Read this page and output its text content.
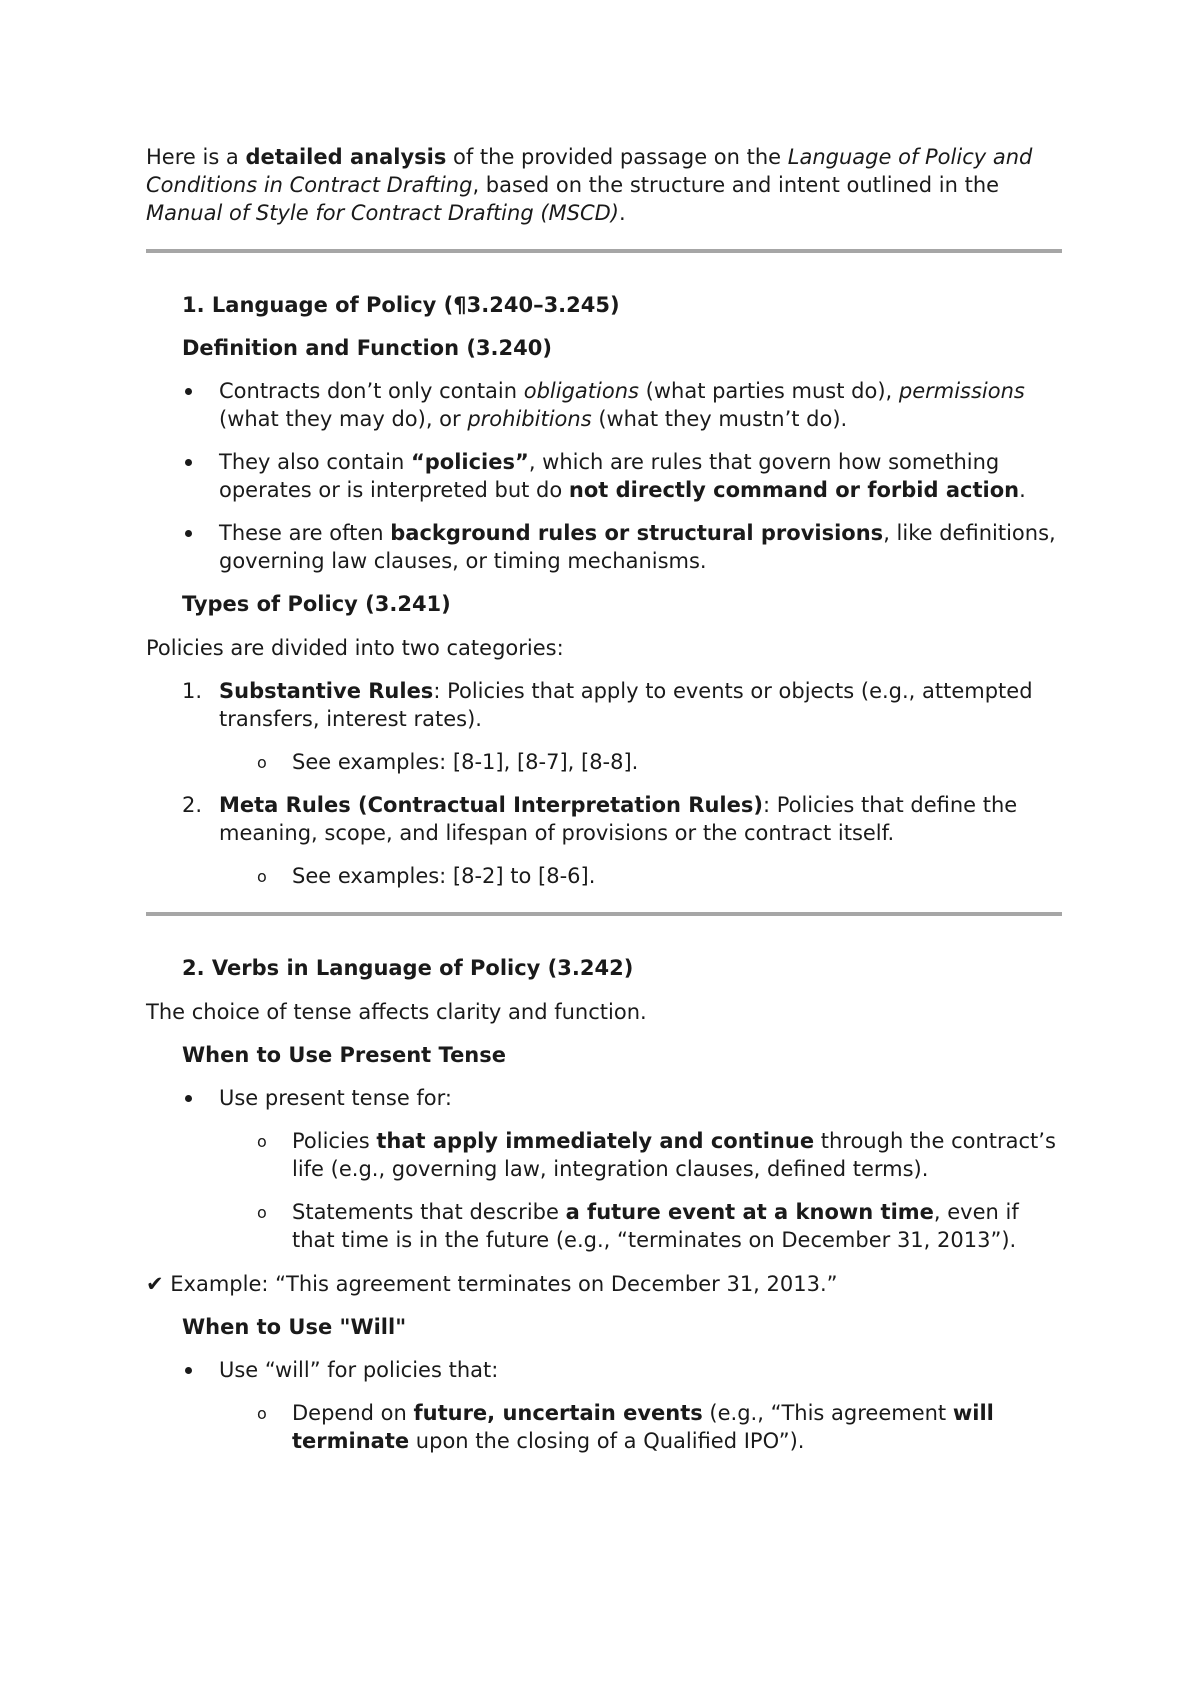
Here is a detailed analysis of the provided passage on the Language of Policy and Conditions in Contract Drafting, based on the structure and intent outlined in the Manual of Style for Contract Drafting (MSCD).

1. Language of Policy (¶3.240–3.245)

Definition and Function (3.240)

Contracts don’t only contain obligations (what parties must do), permissions (what they may do), or prohibitions (what they mustn’t do).
They also contain “policies”, which are rules that govern how something operates or is interpreted but do not directly command or forbid action.
These are often background rules or structural provisions, like definitions, governing law clauses, or timing mechanisms.

Types of Policy (3.241)

Policies are divided into two categories:

1. Substantive Rules: Policies that apply to events or objects (e.g., attempted transfers, interest rates).
o See examples: [8-1], [8-7], [8-8].
2. Meta Rules (Contractual Interpretation Rules): Policies that define the meaning, scope, and lifespan of provisions or the contract itself.
o See examples: [8-2] to [8-6].

2. Verbs in Language of Policy (3.242)

The choice of tense affects clarity and function.

When to Use Present Tense

Use present tense for:
o Policies that apply immediately and continue through the contract’s life (e.g., governing law, integration clauses, defined terms).
o Statements that describe a future event at a known time, even if that time is in the future (e.g., “terminates on December 31, 2013”).

✔ Example: “This agreement terminates on December 31, 2013.”

When to Use "Will"

Use “will” for policies that:
o Depend on future, uncertain events (e.g., “This agreement will terminate upon the closing of a Qualified IPO”).
